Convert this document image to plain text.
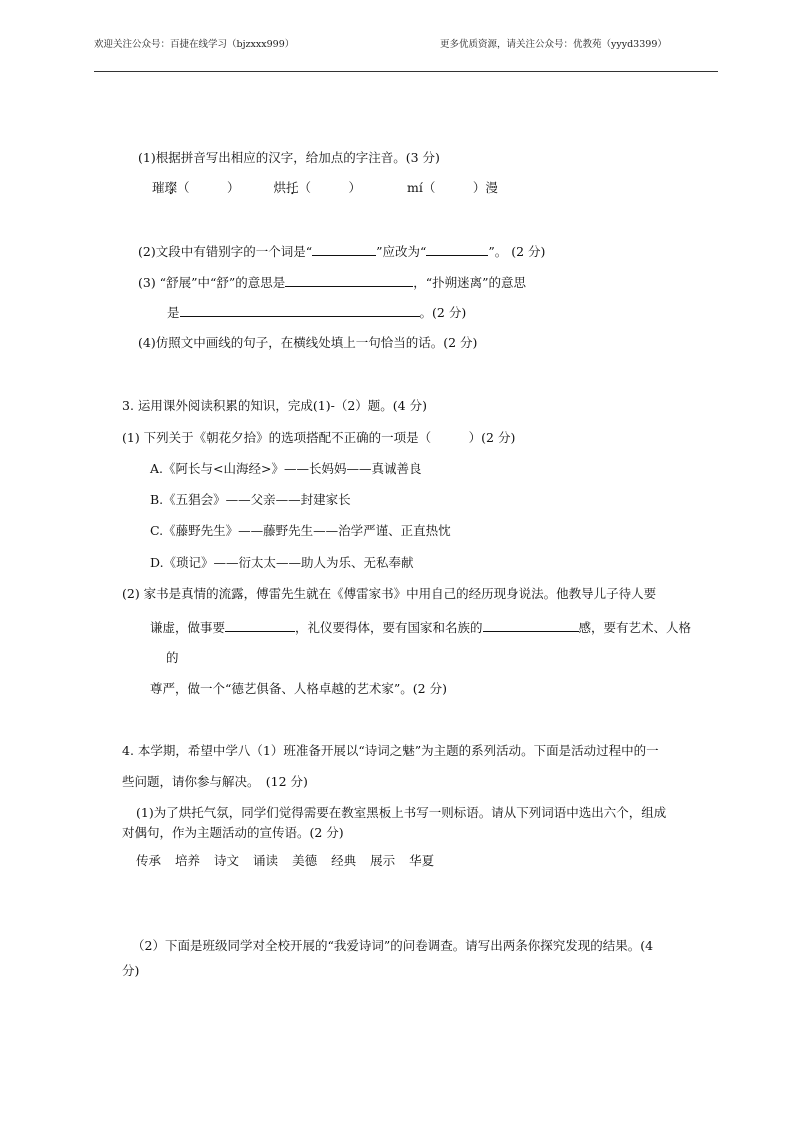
欢迎关注公众号：百捷在线学习（bjzxxx999）	更多优质资源，请关注公众号：优教苑（yyyd3399）
(1)根据拼音写出相应的汉字，给加点的字注音。(3 分)
璀璨（　　　）	烘托（　　　）	mí（　　　）漫
(2)文段中有错别字的一个词是“	”应改为“	”。 (2 分)
(3) “舒展”中“舒”的意思是	，“扑朔迷离”的意思
是	。(2 分)
(4)仿照文中画线的句子，在横线处填上一句恰当的话。(2 分)
3. 运用课外阅读积累的知识，完成(1)-（2）题。(4 分)
(1) 下列关于《朝花夕拾》的选项搭配不正确的一项是（　　　）(2 分)
A.《阿长与<山海经>》——长妈妈——真诚善良
B.《五猖会》——父亲——封建家长
C.《藤野先生》——藤野先生——治学严谨、正直热忱
D.《琐记》——衍太太——助人为乐、无私奉献
(2) 家书是真情的流露，傅雷先生就在《傅雷家书》中用自己的经历现身说法。他教导儿子待人要
谦虚，做事要	，礼仪要得体，要有国家和名族的	感，要有艺术、人格
的
尊严，做一个“德艺俱备、人格卓越的艺术家”。(2 分)
4. 本学期，希望中学八（1）班准备开展以“诗词之魅”为主题的系列活动。下面是活动过程中的一
些问题，请你参与解决。　(12 分)
(1)为了烘托气氛，同学们觉得需要在教室黑板上书写一则标语。请从下列词语中选出六个，组成
对偶句，作为主题活动的宣传语。(2 分)
传承 培养 诗文 诵读 美德 经典 展示 华夏
（2）下面是班级同学对全校开展的“我爱诗词”的问卷调查。请写出两条你探究发现的结果。(4
分)
